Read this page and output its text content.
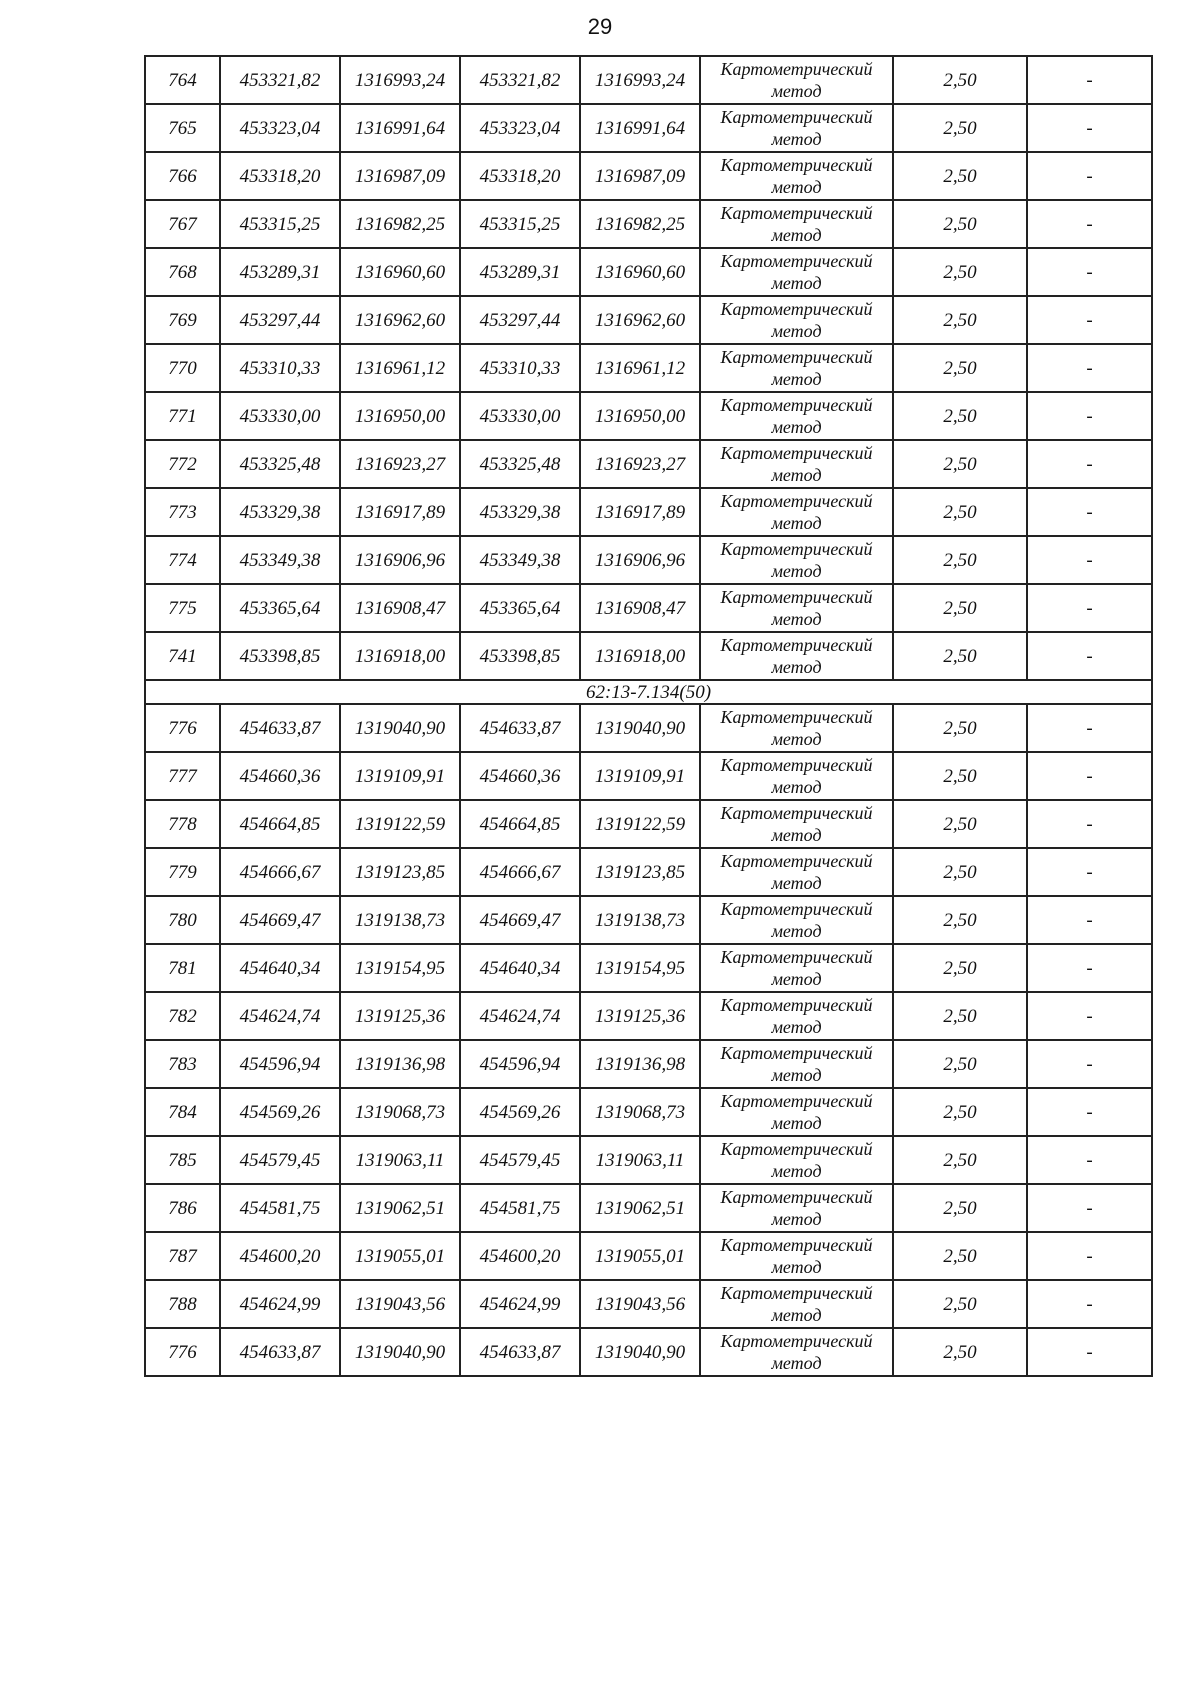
29
764	453321,82	1316993,24	453321,82	1316993,24	Картометрический
метод	2,50	-
765	453323,04	1316991,64	453323,04	1316991,64	Картометрический
метод	2,50	-
766	453318,20	1316987,09	453318,20	1316987,09	Картометрический
метод	2,50	-
767	453315,25	1316982,25	453315,25	1316982,25	Картометрический
метод	2,50	-
768	453289,31	1316960,60	453289,31	1316960,60	Картометрический
метод	2,50	-
769	453297,44	1316962,60	453297,44	1316962,60	Картометрический
метод	2,50	-
770	453310,33	1316961,12	453310,33	1316961,12	Картометрический
метод	2,50	-
771	453330,00	1316950,00	453330,00	1316950,00	Картометрический
метод	2,50	-
772	453325,48	1316923,27	453325,48	1316923,27	Картометрический
метод	2,50	-
773	453329,38	1316917,89	453329,38	1316917,89	Картометрический
метод	2,50	-
774	453349,38	1316906,96	453349,38	1316906,96	Картометрический
метод	2,50	-
775	453365,64	1316908,47	453365,64	1316908,47	Картометрический
метод	2,50	-
741	453398,85	1316918,00	453398,85	1316918,00	Картометрический
метод	2,50	-
62:13-7.134(50)							
776	454633,87	1319040,90	454633,87	1319040,90	Картометрический
метод	2,50	-
777	454660,36	1319109,91	454660,36	1319109,91	Картометрический
метод	2,50	-
778	454664,85	1319122,59	454664,85	1319122,59	Картометрический
метод	2,50	-
779	454666,67	1319123,85	454666,67	1319123,85	Картометрический
метод	2,50	-
780	454669,47	1319138,73	454669,47	1319138,73	Картометрический
метод	2,50	-
781	454640,34	1319154,95	454640,34	1319154,95	Картометрический
метод	2,50	-
782	454624,74	1319125,36	454624,74	1319125,36	Картометрический
метод	2,50	-
783	454596,94	1319136,98	454596,94	1319136,98	Картометрический
метод	2,50	-
784	454569,26	1319068,73	454569,26	1319068,73	Картометрический
метод	2,50	-
785	454579,45	1319063,11	454579,45	1319063,11	Картометрический
метод	2,50	-
786	454581,75	1319062,51	454581,75	1319062,51	Картометрический
метод	2,50	-
787	454600,20	1319055,01	454600,20	1319055,01	Картометрический
метод	2,50	-
788	454624,99	1319043,56	454624,99	1319043,56	Картометрический
метод	2,50	-
776	454633,87	1319040,90	454633,87	1319040,90	Картометрический
метод	2,50	-
